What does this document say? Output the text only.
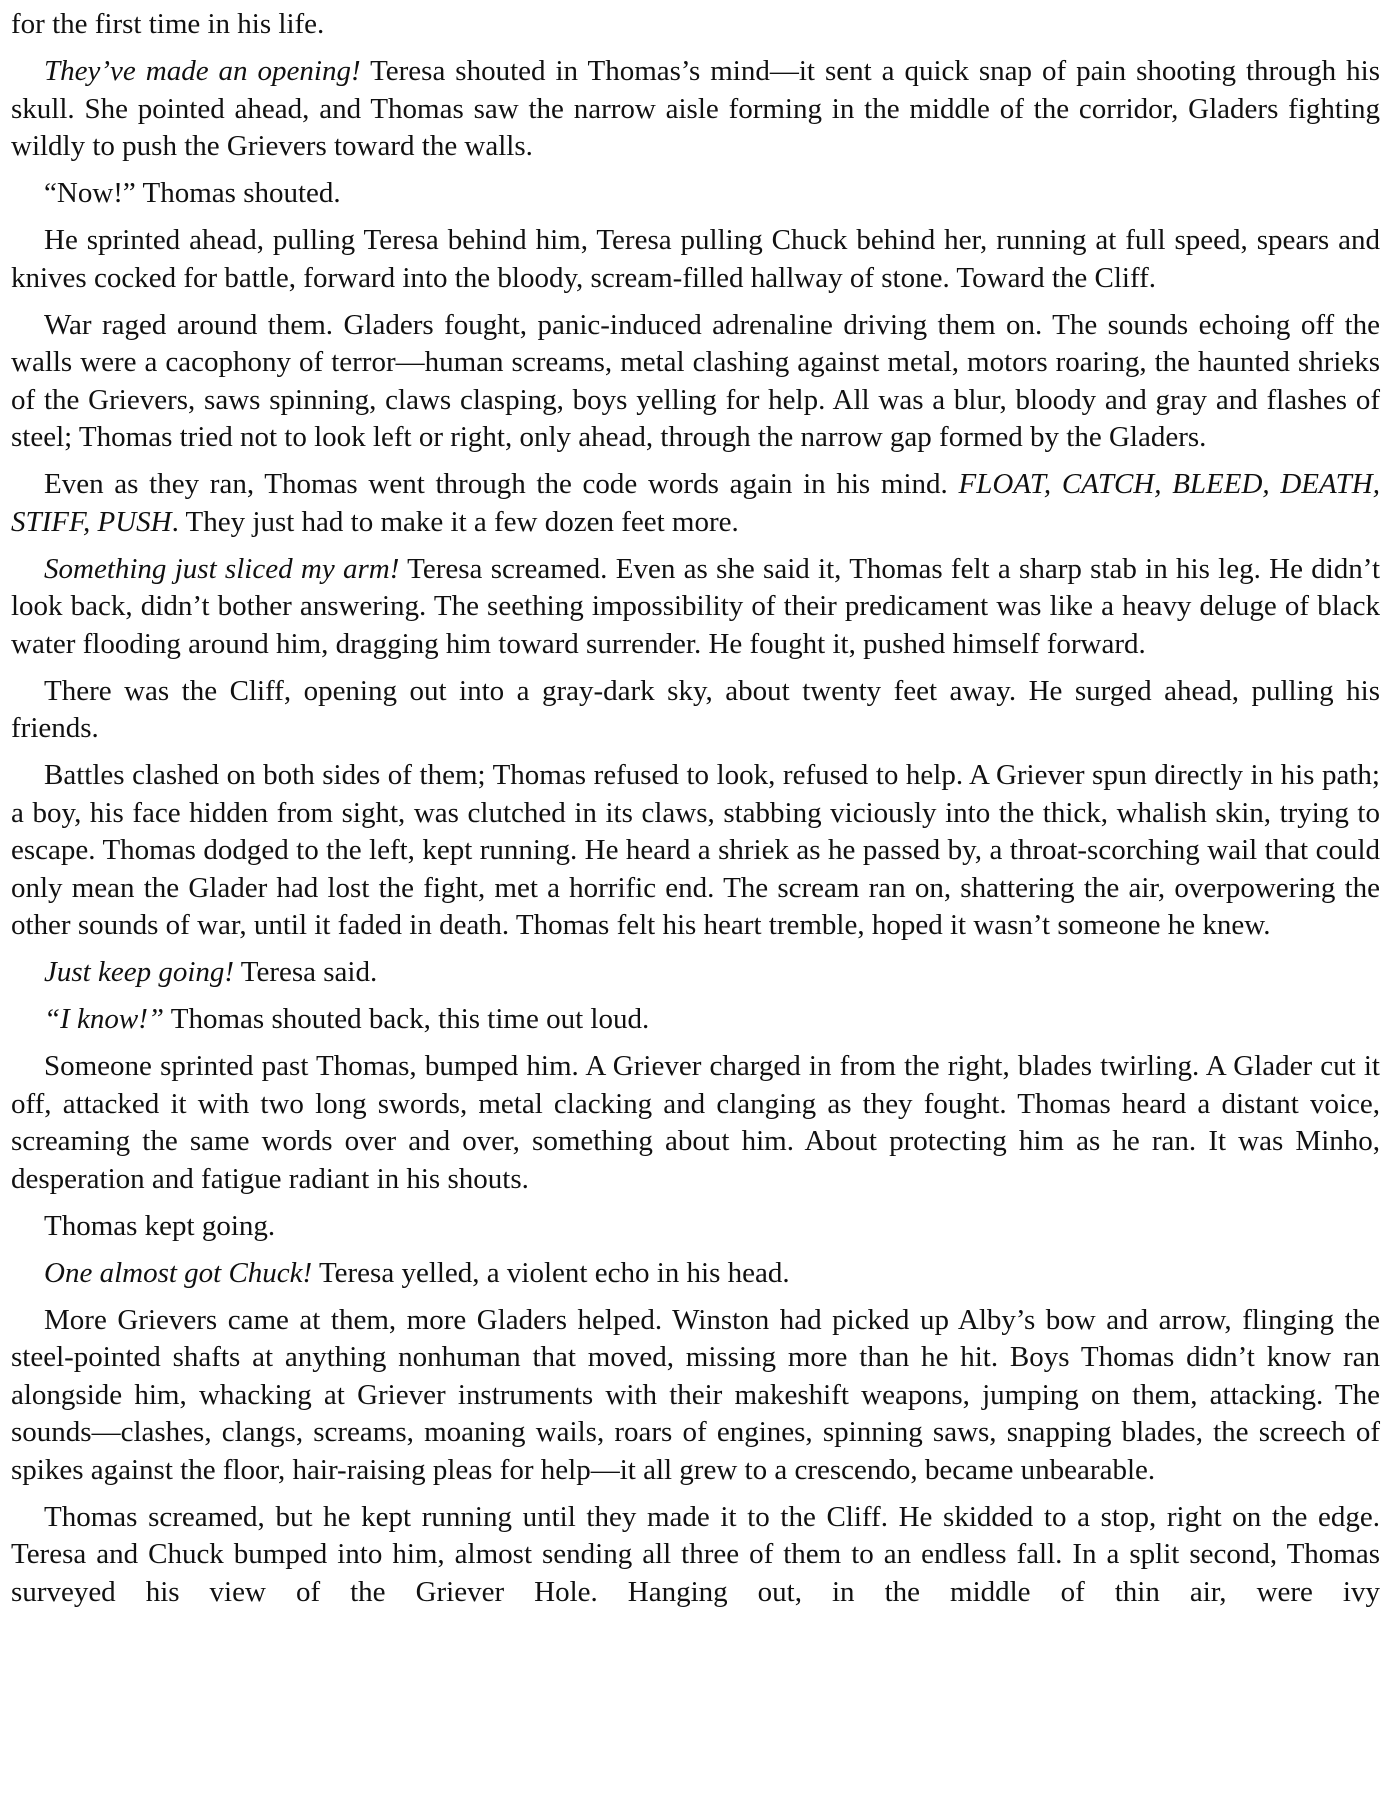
for the first time in his life.

They’ve made an opening! Teresa shouted in Thomas’s mind—it sent a quick snap of pain shooting through his skull. She pointed ahead, and Thomas saw the narrow aisle forming in the middle of the corridor, Gladers fighting wildly to push the Grievers toward the walls.

“Now!” Thomas shouted.

He sprinted ahead, pulling Teresa behind him, Teresa pulling Chuck behind her, running at full speed, spears and knives cocked for battle, forward into the bloody, scream-filled hallway of stone. Toward the Cliff.

War raged around them. Gladers fought, panic-induced adrenaline driving them on. The sounds echoing off the walls were a cacophony of terror—human screams, metal clashing against metal, motors roaring, the haunted shrieks of the Grievers, saws spinning, claws clasping, boys yelling for help. All was a blur, bloody and gray and flashes of steel; Thomas tried not to look left or right, only ahead, through the narrow gap formed by the Gladers.

Even as they ran, Thomas went through the code words again in his mind. FLOAT, CATCH, BLEED, DEATH, STIFF, PUSH. They just had to make it a few dozen feet more.

Something just sliced my arm! Teresa screamed. Even as she said it, Thomas felt a sharp stab in his leg. He didn’t look back, didn’t bother answering. The seething impossibility of their predicament was like a heavy deluge of black water flooding around him, dragging him toward surrender. He fought it, pushed himself forward.

There was the Cliff, opening out into a gray-dark sky, about twenty feet away. He surged ahead, pulling his friends.

Battles clashed on both sides of them; Thomas refused to look, refused to help. A Griever spun directly in his path; a boy, his face hidden from sight, was clutched in its claws, stabbing viciously into the thick, whalish skin, trying to escape. Thomas dodged to the left, kept running. He heard a shriek as he passed by, a throat-scorching wail that could only mean the Glader had lost the fight, met a horrific end. The scream ran on, shattering the air, overpowering the other sounds of war, until it faded in death. Thomas felt his heart tremble, hoped it wasn’t someone he knew.

Just keep going! Teresa said.

“I know!” Thomas shouted back, this time out loud.

Someone sprinted past Thomas, bumped him. A Griever charged in from the right, blades twirling. A Glader cut it off, attacked it with two long swords, metal clacking and clanging as they fought. Thomas heard a distant voice, screaming the same words over and over, something about him. About protecting him as he ran. It was Minho, desperation and fatigue radiant in his shouts.

Thomas kept going.

One almost got Chuck! Teresa yelled, a violent echo in his head.

More Grievers came at them, more Gladers helped. Winston had picked up Alby’s bow and arrow, flinging the steel-pointed shafts at anything nonhuman that moved, missing more than he hit. Boys Thomas didn’t know ran alongside him, whacking at Griever instruments with their makeshift weapons, jumping on them, attacking. The sounds—clashes, clangs, screams, moaning wails, roars of engines, spinning saws, snapping blades, the screech of spikes against the floor, hair-raising pleas for help—it all grew to a crescendo, became unbearable.

Thomas screamed, but he kept running until they made it to the Cliff. He skidded to a stop, right on the edge. Teresa and Chuck bumped into him, almost sending all three of them to an endless fall. In a split second, Thomas surveyed his view of the Griever Hole. Hanging out, in the middle of thin air, were ivy
